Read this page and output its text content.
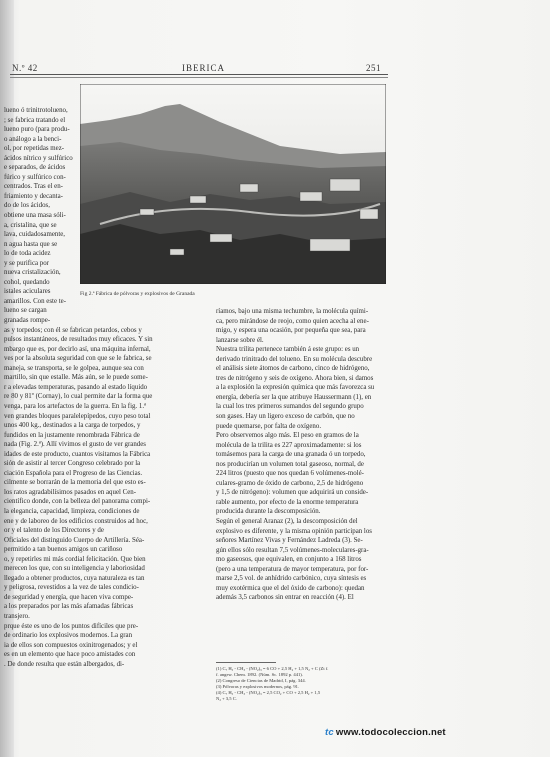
N.º 42	IBERICA	251
Fig 2.ª Fábrica de pólvoras y explosivos de Granada
lueno ó trinitrotolueno,
; se fabrica tratando el
lueno puro (para produ-
o análogo a la benci-
ol, por repetidas mez-
ácidos nítrico y sulfúrico
e separados, de ácidos
fúrico y sulfúrico con-
centrados. Tras el en-
friamiento y decanta-
do de los ácidos,
obtiene una masa sóli-
a, cristalina, que se
lava, cuidadosamente,
n agua hasta que se
lo de toda acidez
y se purifica por
nueva cristalización,
cohol, quedando
istales aciculares
amarillos. Con este te-
lueno se cargan
granadas rompe-
as y torpedos; con él se fabrican petardos, cebos y
pulsos instantáneos, de resultados muy eficaces. Y sin
mbargo que es, por decirlo así, una máquina infernal,
ves por la absoluta seguridad con que se le fabrica, se
maneja, se transporta, se le golpea, aunque sea con
martillo, sin que estalle. Más aún, se le puede some-
r a elevadas temperaturas, pasando al estado líquido
re 80 y 81º (Cornay), lo cual permite dar la forma que
venga, para los artefactos de la guerra. En la fig. 1.ª
ven grandes bloques paralelepípedos, cuyo peso total
unos 400 kg., destinados a la carga de torpedos, y
fundidos en la justamente renombrada Fábrica de
nada (Fig. 2.ª). Allí vivimos el gusto de ver grandes
idades de este producto, cuantos visitamos la Fábrica
sión de asistir al tercer Congreso celebrado por la
ciación Española para el Progreso de las Ciencias.
cilmente se borrarán de la memoria del que esto es-
los ratos agradabilísimos pasados en aquel Cen-
científico donde, con la belleza del panorama compi-
la elegancia, capacidad, limpieza, condiciones de
ene y de laboreo de los edificios construidos ad hoc,
or y el talento de los Directores y de
Oficiales del distinguido Cuerpo de Artillería. Séa-
permitido a tan buenos amigos un cariñoso
o, y repetirles mi más cordial felicitación. Que bien
merecen los que, con su inteligencia y laboriosidad
llegado a obtener productos, cuya naturaleza es tan
y peligrosa, revestidos a la vez de tales condicio-
de seguridad y energía, que hacen viva compe-
a los preparados por las más afamadas fábricas
transjero.
prque éste es uno de los puntos difíciles que pre-
de ordinario los explosivos modernos. La gran
ia de ellos son compuestos oxinitrogenados; y el
es en un elemento que hace poco amistades con
. De donde resulta que están albergados, di-
ríamos, bajo una misma techumbre, la molécula quími-
ca, pero mirándose de reojo, como quien acecha al ene-
migo, y espera una ocasión, por pequeña que sea, para
lanzarse sobre él.
Nuestra trilita pertenece también á este grupo: es un
derivado trinitrado del tolueno. En su molécula descubre
el análisis siete átomos de carbono, cinco de hidrógeno,
tres de nitrógeno y seis de oxígeno. Ahora bien, si damos
a la explosión la expresión química que más favorezca su
energía, debería ser la que atribuye Haussermann (1), en
la cual los tres primeros sumandos del segundo grupo
son gases. Hay un ligero exceso de carbón, que no
puede quemarse, por falta de oxígeno.
Pero observemos algo más. El peso en gramos de la
molécula de la trilita es 227 aproximadamente: si los
tomásemos para la carga de una granada ó un torpedo,
nos producirían un volumen total gaseoso, normal, de
224 litros (puesto que nos quedan 6 volúmenes-molé-
culares-gramo de óxido de carbono, 2,5 de hidrógeno
y 1,5 de nitrógeno): volumen que adquirirá un conside-
rable aumento, por efecto de la enorme temperatura
producida durante la descomposición.
Según el general Aranaz (2), la descomposición del
explosivo es diferente, y la misma opinión participan los
señores Martínez Vivas y Fernández Ladreda (3). Se-
gún ellos sólo resultan 7,5 volúmenes-moleculares-gra-
mo gaseosos, que equivalen, en conjunto a 168 litros
(pero a una temperatura de mayor temperatura, por for-
marse 2,5 vol. de anhídrido carbónico, cuya síntesis es
muy exotérmica que el del óxido de carbono): quedan
además 3,5 carbonos sin entrar en reacción (4). El
(1) C₇ H₅ - CH₃ - (NO₂)₃ = 6 CO + 2,5 H₂ + 1,5 N₂ + C (Zt f.
f. angew. Chem. 1892. (Núm. Sc. 1892 p. 441).
(2) Congreso de Ciencias de Madrid, I, pág. 344.
(3) Pólvoras y explosivos modernos, pág. 91.
(4) C₇ H₅ - CH₃ - (NO₂)₃ = 2,5 CO₂ + CO + 2,5 H₂ + 1,5
N₂ + 3,5 C.
tc www.todocoleccion.net
